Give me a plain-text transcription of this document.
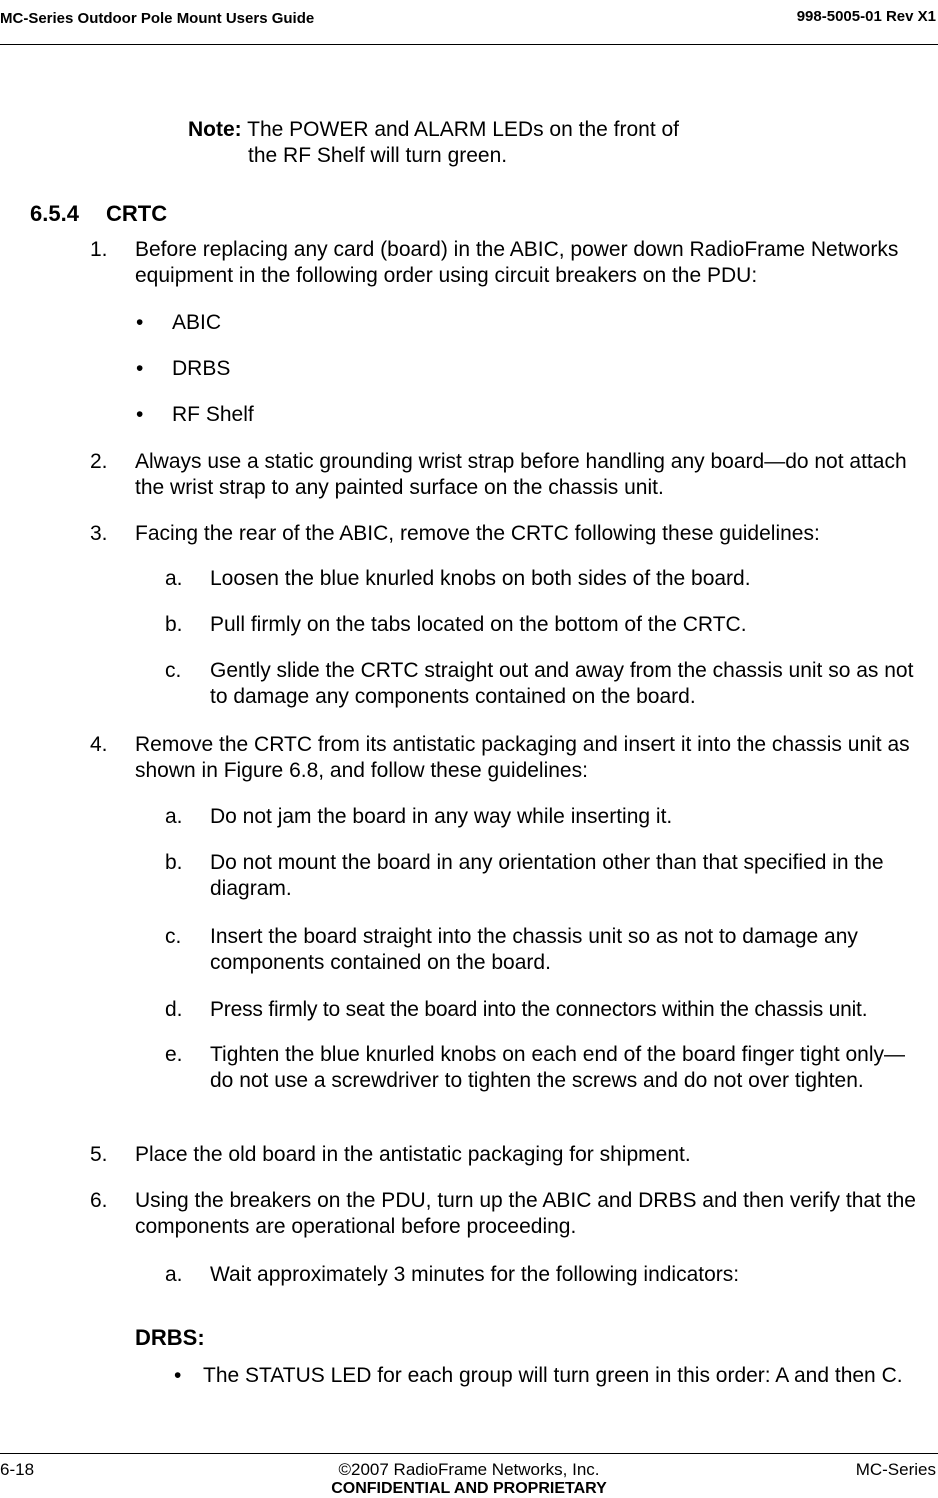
MC-Series Outdoor Pole Mount Users Guide	998-5005-01 Rev X1
Note: The POWER and ALARM LEDs on the front of
the RF Shelf will turn green.
6.5.4 CRTC
1. Before replacing any card (board) in the ABIC, power down RadioFrame Networks equipment in the following order using circuit breakers on the PDU:
• ABIC
• DRBS
• RF Shelf
2. Always use a static grounding wrist strap before handling any board—do not attach the wrist strap to any painted surface on the chassis unit.
3. Facing the rear of the ABIC, remove the CRTC following these guidelines:
a. Loosen the blue knurled knobs on both sides of the board.
b. Pull firmly on the tabs located on the bottom of the CRTC.
c. Gently slide the CRTC straight out and away from the chassis unit so as not to damage any components contained on the board.
4. Remove the CRTC from its antistatic packaging and insert it into the chassis unit as shown in Figure 6.8, and follow these guidelines:
a. Do not jam the board in any way while inserting it.
b. Do not mount the board in any orientation other than that specified in the diagram.
c. Insert the board straight into the chassis unit so as not to damage any components contained on the board.
d. Press firmly to seat the board into the connectors within the chassis unit.
e. Tighten the blue knurled knobs on each end of the board finger tight only—do not use a screwdriver to tighten the screws and do not over tighten.
5. Place the old board in the antistatic packaging for shipment.
6. Using the breakers on the PDU, turn up the ABIC and DRBS and then verify that the components are operational before proceeding.
a. Wait approximately 3 minutes for the following indicators:
DRBS:
• The STATUS LED for each group will turn green in this order: A and then C.
6-18	©2007 RadioFrame Networks, Inc.
CONFIDENTIAL AND PROPRIETARY
MC-Series
